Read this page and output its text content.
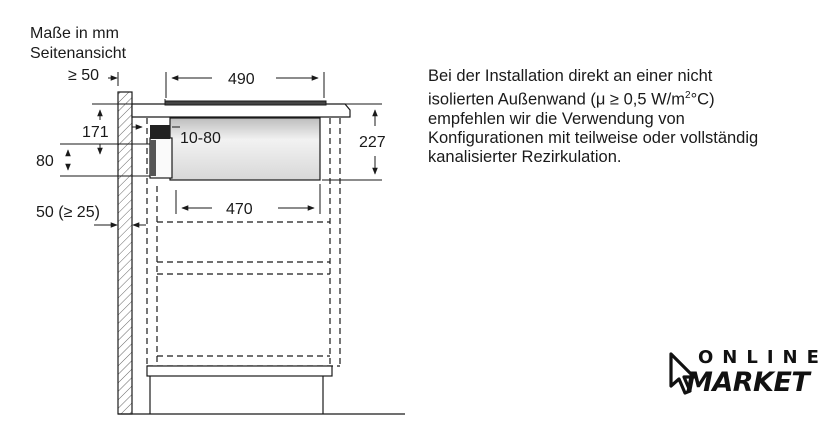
Maße in mm
Seitenansicht
≥ 50	490
171	10-80	227
80
470
50 (≥ 25)

Bei der Installation direkt an einer nicht

isolierten Außenwand (μ ≥ 0,5 $W/m^2^\circ C$)

empfehlen wir die Verwendung von

Konfigurationen mit teilweise oder vollständig

kanalisierter Rezirkulation.

ONLINE
MARKET
